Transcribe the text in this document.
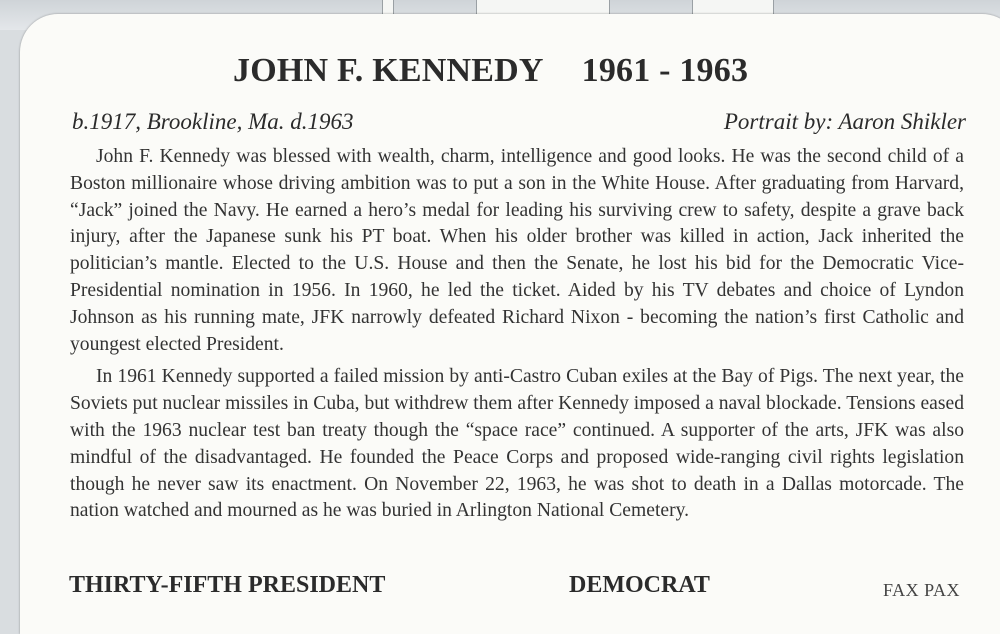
JOHN F. KENNEDY 1961 - 1963
b.1917, Brookline, Ma. d.1963	Portrait by: Aaron Shikler

John F. Kennedy was blessed with wealth, charm, intelligence and good looks. He was the second child of a Boston millionaire whose driving ambition was to put a son in the White House. After graduating from Harvard, “Jack” joined the Navy. He earned a hero’s medal for leading his surviving crew to safety, despite a grave back injury, after the Japanese sunk his PT boat. When his older brother was killed in action, Jack inherited the politician’s mantle. Elected to the U.S. House and then the Senate, he lost his bid for the Democratic Vice-Presidential nomination in 1956. In 1960, he led the ticket. Aided by his TV debates and choice of Lyndon Johnson as his running mate, JFK narrowly defeated Richard Nixon - becoming the nation’s first Catholic and youngest elected President.

In 1961 Kennedy supported a failed mission by anti-Castro Cuban exiles at the Bay of Pigs. The next year, the Soviets put nuclear missiles in Cuba, but withdrew them after Kennedy imposed a naval blockade. Tensions eased with the 1963 nuclear test ban treaty though the “space race” continued. A supporter of the arts, JFK was also mindful of the disadvantaged. He founded the Peace Corps and proposed wide-ranging civil rights legislation though he never saw its enactment. On November 22, 1963, he was shot to death in a Dallas motorcade. The nation watched and mourned as he was buried in Arlington National Cemetery.

THIRTY-FIFTH PRESIDENT	DEMOCRAT	FAX PAX
